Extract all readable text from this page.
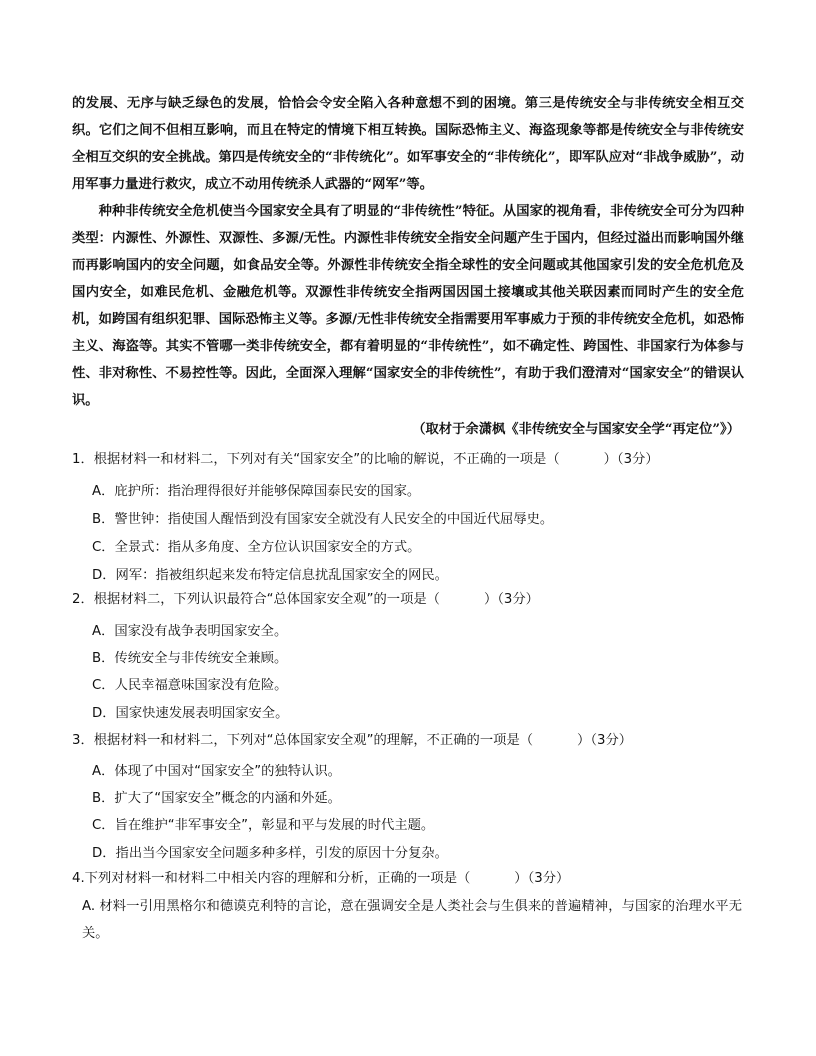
的发展、无序与缺乏绿色的发展，恰恰会令安全陷入各种意想不到的困境。第三是传统安全与非传统安全相互交织。它们之间不但相互影响，而且在特定的情境下相互转换。国际恐怖主义、海盗现象等都是传统安全与非传统安全相互交织的安全挑战。第四是传统安全的“非传统化”。如军事安全的“非传统化”，即军队应对“非战争威胁”，动用军事力量进行救灾，成立不动用传统杀人武器的“网军”等。
种种非传统安全危机使当今国家安全具有了明显的“非传统性”特征。从国家的视角看，非传统安全可分为四种类型：内源性、外源性、双源性、多源/无性。内源性非传统安全指安全问题产生于国内，但经过溢出而影响国外继而再影响国内的安全问题，如食品安全等。外源性非传统安全指全球性的安全问题或其他国家引发的安全危机危及国内安全，如难民危机、金融危机等。双源性非传统安全指两国因国土接壤或其他关联因素而同时产生的安全危机，如跨国有组织犯罪、国际恐怖主义等。多源/无性非传统安全指需要用军事威力于预的非传统安全危机，如恐怖主义、海盗等。其实不管哪一类非传统安全，都有着明显的“非传统性”，如不确定性、跨国性、非国家行为体参与性、非对称性、不易控性等。因此，全面深入理解“国家安全的非传统性”，有助于我们澄清对“国家安全”的错误认识。
（取材于余潇枫《非传统安全与国家安全学“再定位”》）
1．根据材料一和材料二，下列对有关“国家安全”的比喻的解说，不正确的一项是（	）（3分）
A．庇护所：指治理得很好并能够保障国泰民安的国家。
B．警世钟：指使国人醒悟到没有国家安全就没有人民安全的中国近代屈辱史。
C．全景式：指从多角度、全方位认识国家安全的方式。
D．网军：指被组织起来发布特定信息扰乱国家安全的网民。
2．根据材料二，下列认识最符合“总体国家安全观”的一项是（	）（3分）
A．国家没有战争表明国家安全。
B．传统安全与非传统安全兼顾。
C．人民幸福意味国家没有危险。
D．国家快速发展表明国家安全。
3．根据材料一和材料二，下列对“总体国家安全观”的理解，不正确的一项是（	）（3分）
A．体现了中国对“国家安全”的独特认识。
B．扩大了“国家安全”概念的内涵和外延。
C．旨在维护“非军事安全”，彰显和平与发展的时代主题。
D．指出当今国家安全问题多种多样，引发的原因十分复杂。
4.下列对材料一和材料二中相关内容的理解和分析，正确的一项是（	）（3分）
A. 材料一引用黑格尔和德谟克利特的言论，意在强调安全是人类社会与生俱来的普遍精神，与国家的治理水平无关。
